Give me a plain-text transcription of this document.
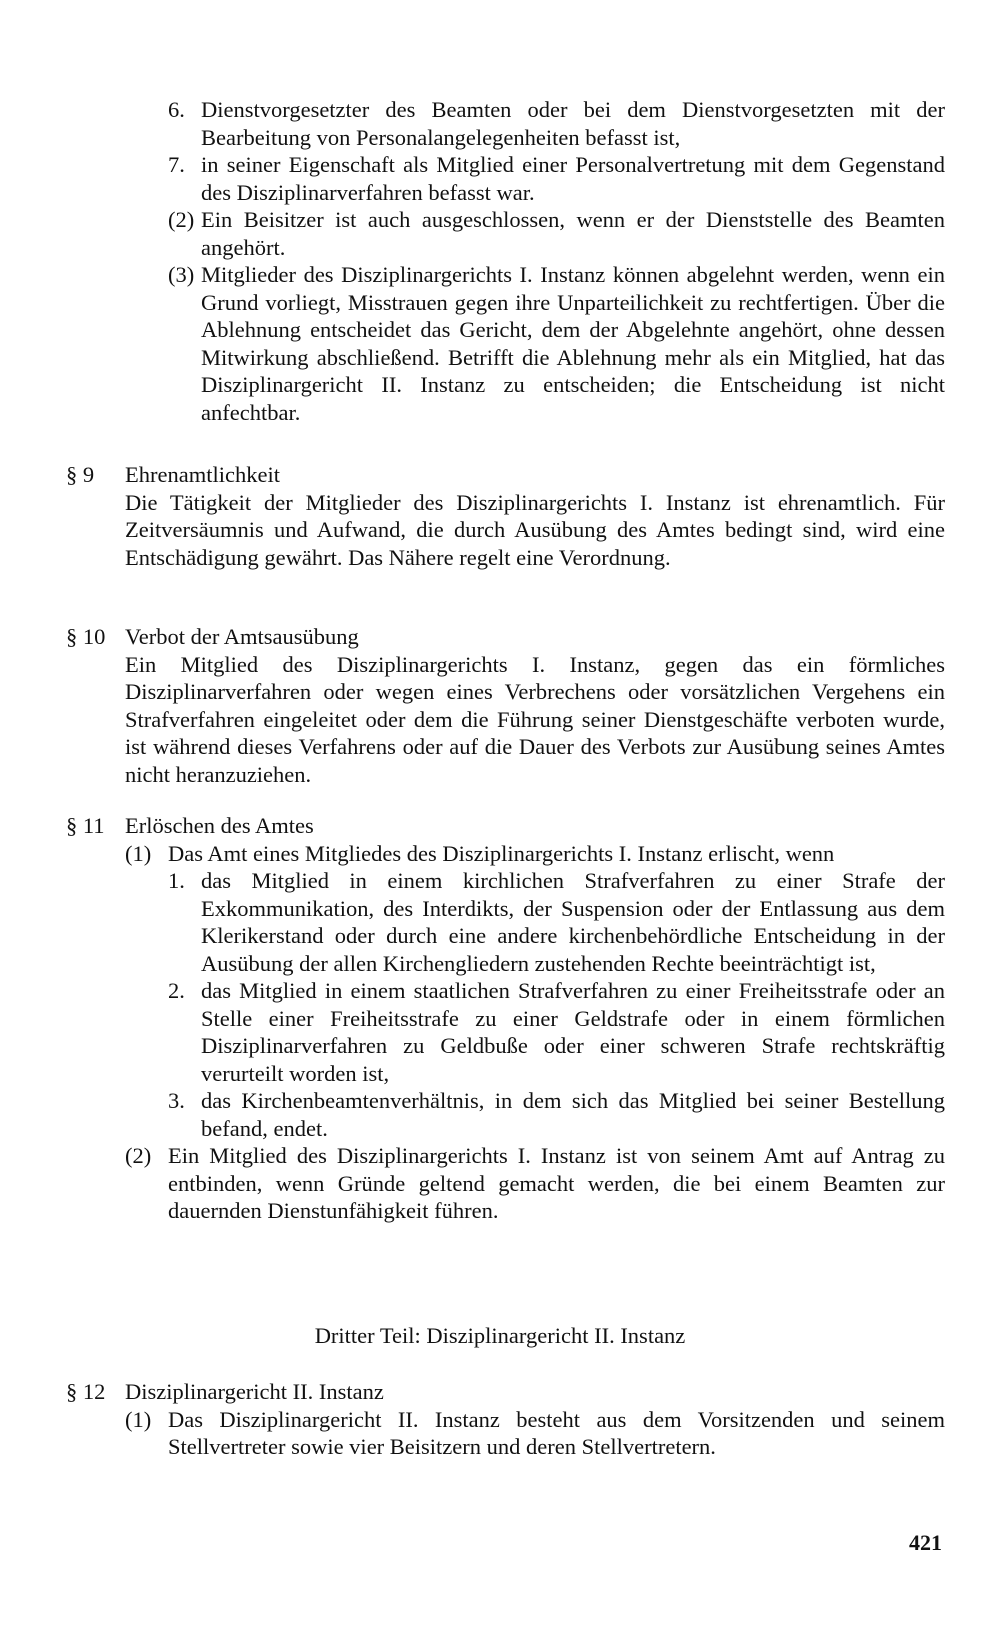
6. Dienstvorgesetzter des Beamten oder bei dem Dienstvorgesetzten mit der Bearbeitung von Personalangelegenheiten befasst ist,
7. in seiner Eigenschaft als Mitglied einer Personalvertretung mit dem Gegenstand des Disziplinarverfahren befasst war.
(2) Ein Beisitzer ist auch ausgeschlossen, wenn er der Dienststelle des Beamten angehört.
(3) Mitglieder des Disziplinargerichts I. Instanz können abgelehnt werden, wenn ein Grund vorliegt, Misstrauen gegen ihre Unparteilichkeit zu rechtfertigen. Über die Ablehnung entscheidet das Gericht, dem der Abgelehnte angehört, ohne dessen Mitwirkung abschließend. Betrifft die Ablehnung mehr als ein Mitglied, hat das Disziplinargericht II. Instanz zu entscheiden; die Entscheidung ist nicht anfechtbar.
§ 9	Ehrenamtlichkeit
Die Tätigkeit der Mitglieder des Disziplinargerichts I. Instanz ist ehrenamtlich. Für Zeitversäumnis und Aufwand, die durch Ausübung des Amtes bedingt sind, wird eine Entschädigung gewährt. Das Nähere regelt eine Verordnung.
§ 10 Verbot der Amtsausübung
Ein Mitglied des Disziplinargerichts I. Instanz, gegen das ein förmliches Disziplinarverfahren oder wegen eines Verbrechens oder vorsätzlichen Vergehens ein Strafverfahren eingeleitet oder dem die Führung seiner Dienstgeschäfte verboten wurde, ist während dieses Verfahrens oder auf die Dauer des Verbots zur Ausübung seines Amtes nicht heranzuziehen.
§ 11 Erlöschen des Amtes
(1) Das Amt eines Mitgliedes des Disziplinargerichts I. Instanz erlischt, wenn
1. das Mitglied in einem kirchlichen Strafverfahren zu einer Strafe der Exkommunikation, des Interdikts, der Suspension oder der Entlassung aus dem Klerikerstand oder durch eine andere kirchenbehördliche Entscheidung in der Ausübung der allen Kirchengliedern zustehenden Rechte beeinträchtigt ist,
2. das Mitglied in einem staatlichen Strafverfahren zu einer Freiheitsstrafe oder an Stelle einer Freiheitsstrafe zu einer Geldstrafe oder in einem förmlichen Disziplinarverfahren zu Geldbuße oder einer schweren Strafe rechtskräftig verurteilt worden ist,
3. das Kirchenbeamtenverhältnis, in dem sich das Mitglied bei seiner Bestellung befand, endet.
(2) Ein Mitglied des Disziplinargerichts I. Instanz ist von seinem Amt auf Antrag zu entbinden, wenn Gründe geltend gemacht werden, die bei einem Beamten zur dauernden Dienstunfähigkeit führen.
Dritter Teil: Disziplinargericht II. Instanz
§ 12 Disziplinargericht II. Instanz
(1) Das Disziplinargericht II. Instanz besteht aus dem Vorsitzenden und seinem Stellvertreter sowie vier Beisitzern und deren Stellvertretern.
421
